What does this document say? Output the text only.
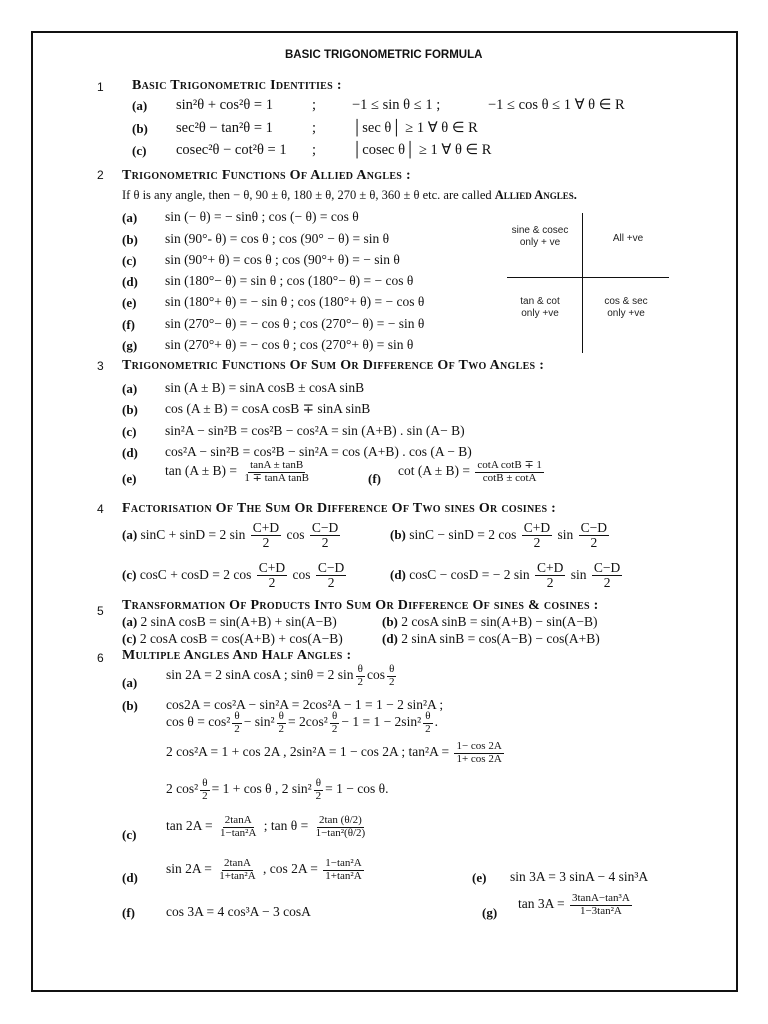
BASIC TRIGONOMETRIC FORMULA
1 Basic Trigonometric Identities :
(a) sin²θ + cos²θ = 1	; −1 ≤ sin θ ≤ 1 ;	−1 ≤ cos θ ≤ 1 ∀ θ ∈ R
(b) sec²θ − tan²θ = 1	; │sec θ│ ≥ 1 ∀ θ ∈ R
(c) cosec²θ − cot²θ = 1 ; │cosec θ│ ≥ 1 ∀ θ ∈ R
2 Trigonometric Functions Of Allied Angles :
If θ is any angle, then − θ, 90 ± θ, 180 ± θ, 270 ± θ, 360 ± θ etc. are called Allied Angles.
(a) sin (− θ) = − sinθ ; cos (− θ) = cos θ
(b) sin (90°- θ) = cos θ ; cos (90° − θ) = sin θ
(c) sin (90°+ θ) = cos θ ; cos (90°+ θ) = − sin θ
(d) sin (180°− θ) = sin θ ; cos (180°− θ) = − cos θ
(e) sin (180°+ θ) = − sin θ ; cos (180°+ θ) = − cos θ
(f) sin (270°− θ) = − cos θ ; cos (270°− θ) = − sin θ
(g) sin (270°+ θ) = − cos θ ; cos (270°+ θ) = sin θ
sine & cosec
only + ve	All +ve
tan & cot
only +ve
cos & sec
only +ve
3 Trigonometric Functions Of Sum Or Difference Of Two Angles :
(a) sin (A ± B) = sinA cosB ± cosA sinB
(b) cos (A ± B) = cosA cosB ∓ sinA sinB
(c) sin²A − sin²B = cos²B − cos²A = sin (A+B) . sin (A− B)
(d) cos²A − sin²B = cos²B − sin²A = cos (A+B) . cos (A − B)
(e)
$\tan (A \pm B) = \frac{\tan A \pm \tan B}{\text{1 ∓ tanA tanB}}$	(f)
$\cot (A \pm B) = \frac{\text{cotA cotB ∓ 1}}{\cot B \pm \cot A}$
4 Factorisation Of The Sum Or Difference Of Two sines Or cosines :
(a) sinC + sinD = 2 $\sin \frac{C+D}{2}$ $\cos \frac{C-D}{2}$	(b) sinC − sinD = 2 $\cos \frac{C+D}{2}$ $\sin \frac{C-D}{2}$
(c) cosC + cosD = 2 $\cos \frac{C+D}{2}$ $\cos \frac{C-D}{2}$	(d) cosC − cosD = − 2 $\sin \frac{C+D}{2}$ $\sin \frac{C-D}{2}$
5 Transformation Of Products Into Sum Or Difference Of sines & cosines :
(a) 2 sinA cosB = sin(A+B) + sin(A−B)	(b) 2 cosA sinB = sin(A+B) − sin(A−B)
(c) 2 cosA cosB = cos(A+B) + cos(A−B)	(d) 2 sinA sinB = cos(A−B) − cos(A+B)
6 Multiple Angles And Half Angles :
(a)
sin 2A = 2 sinA cosA ; sinθ = 2 $\sin \frac{\theta}{2}$ $\cos \frac{\theta}{2}$
(b) cos2A = cos²A − sin²A = 2cos²A − 1 = 1 − 2 sin²A ;
$\cos \theta = \cos^2 \frac{\theta}{2} - \sin^2 \frac{\theta}{2} = 2\cos^2 \frac{\theta}{2} - 1 = 1 - 2\sin^2 \frac{\theta}{2}$ .
2 cos²A = 1 + cos 2A , 2sin²A = 1 − cos 2A ; $\tan^2A = \frac{1- \cos 2A}{1+ \cos 2A}$
2 $\cos^2 \frac{\theta}{2} = 1 + \cos \theta$ , 2 $\sin^2 \frac{\theta}{2} = 1 - \cos \theta$.
(c)
$\tan 2A = \frac{2\tan A}{\text{1−tan²A}}$ ; $\tan \theta = \frac{2\tan (\theta/2)}{\text{1−tan²(θ/2)}}$
(d)
$\sin 2A = \frac{2\tan A}{\text{1+tan²A}}$ , $\cos 2A = \frac{\text{1−tan²A}}{\text{1+tan²A}}$	(e) sin 3A = 3 sinA − 4 sin³A
(f) cos 3A = 4 cos³A − 3 cosA	(g)
$\tan 3A = \frac{\text{3tanA−tan³A}}{\text{1−3tan²A}}$
